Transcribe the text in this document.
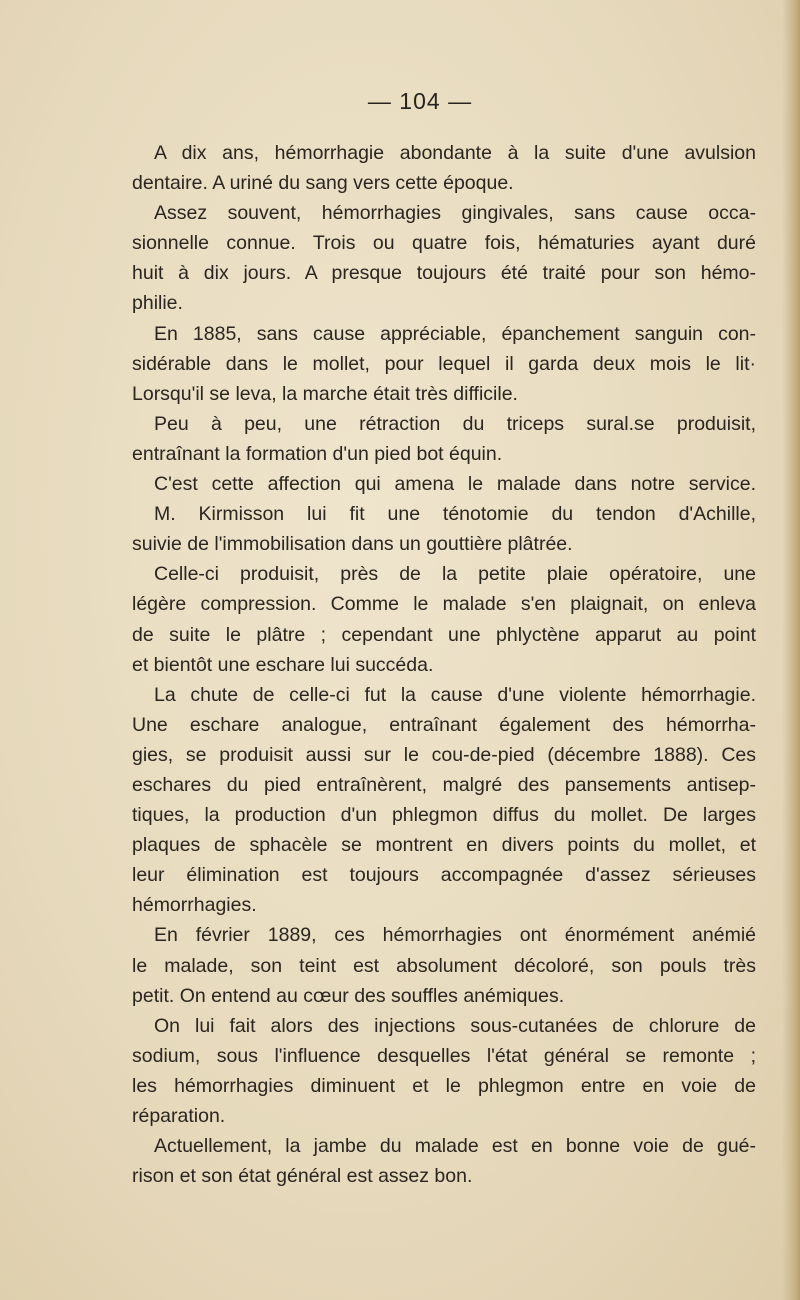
— 104 —
A dix ans, hémorrhagie abondante à la suite d'une avulsion
dentaire. A uriné du sang vers cette époque.
Assez souvent, hémorrhagies gingivales, sans cause occa-
sionnelle connue. Trois ou quatre fois, hématuries ayant duré
huit à dix jours. A presque toujours été traité pour son hémo-
philie.
En 1885, sans cause appréciable, épanchement sanguin con-
sidérable dans le mollet, pour lequel il garda deux mois le lit·
Lorsqu'il se leva, la marche était très difficile.
Peu à peu, une rétraction du triceps sural.se produisit,
entraînant la formation d'un pied bot équin.
C'est cette affection qui amena le malade dans notre service.
M. Kirmisson lui fit une ténotomie du tendon d'Achille,
suivie de l'immobilisation dans un gouttière plâtrée.
Celle-ci produisit, près de la petite plaie opératoire, une
légère compression. Comme le malade s'en plaignait, on enleva
de suite le plâtre ; cependant une phlyctène apparut au point
et bientôt une eschare lui succéda.
La chute de celle-ci fut la cause d'une violente hémorrhagie.
Une eschare analogue, entraînant également des hémorrha-
gies, se produisit aussi sur le cou-de-pied (décembre 1888). Ces
eschares du pied entraînèrent, malgré des pansements antisep-
tiques, la production d'un phlegmon diffus du mollet. De larges
plaques de sphacèle se montrent en divers points du mollet, et
leur élimination est toujours accompagnée d'assez sérieuses
hémorrhagies.
En février 1889, ces hémorrhagies ont énormément anémié
le malade, son teint est absolument décoloré, son pouls très
petit. On entend au cœur des souffles anémiques.
On lui fait alors des injections sous-cutanées de chlorure de
sodium, sous l'influence desquelles l'état général se remonte ;
les hémorrhagies diminuent et le phlegmon entre en voie de
réparation.
Actuellement, la jambe du malade est en bonne voie de gué-
rison et son état général est assez bon.
